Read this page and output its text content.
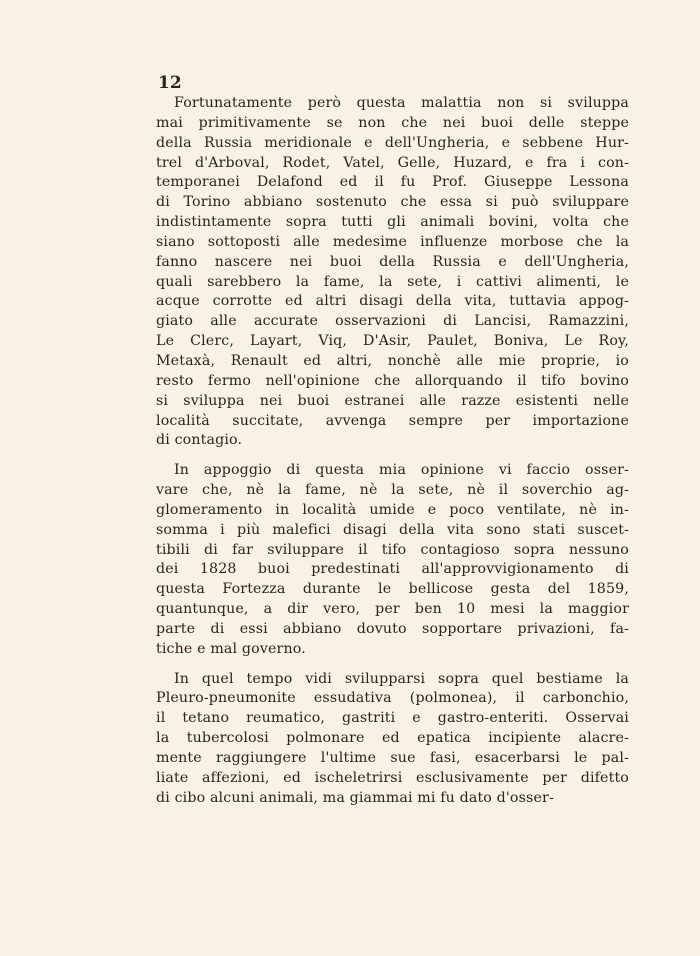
12

Fortunatamente però questa malattia non si sviluppa
mai primitivamente se non che nei buoi delle steppe
della Russia meridionale e dell'Ungheria, e sebbene Hur-
trel d'Arboval, Rodet, Vatel, Gelle, Huzard, e fra i con-
temporanei Delafond ed il fu Prof. Giuseppe Lessona
di Torino abbiano sostenuto che essa si può sviluppare
indistintamente sopra tutti gli animali bovini, volta che
siano sottoposti alle medesime influenze morbose che la
fanno nascere nei buoi della Russia e dell'Ungheria,
quali sarebbero la fame, la sete, i cattivi alimenti, le
acque corrotte ed altri disagi della vita, tuttavia appog-
giato alle accurate osservazioni di Lancisi, Ramazzini,
Le Clerc, Layart, Viq, D'Asir, Paulet, Boniva, Le Roy,
Metaxà, Renault ed altri, nonchè alle mie proprie, io
resto fermo nell'opinione che allorquando il tifo bovino
si sviluppa nei buoi estranei alle razze esistenti nelle
località succitate, avvenga sempre per importazione
di contagio.
In appoggio di questa mia opinione vi faccio osser-
vare che, nè la fame, nè la sete, nè il soverchio ag-
glomeramento in località umide e poco ventilate, nè in-
somma i più malefici disagi della vita sono stati suscet-
tibili di far sviluppare il tifo contagioso sopra nessuno
dei 1828 buoi predestinati all'approvvigionamento di
questa Fortezza durante le bellicose gesta del 1859,
quantunque, a dir vero, per ben 10 mesi la maggior
parte di essi abbiano dovuto sopportare privazioni, fa-
tiche e mal governo.
In quel tempo vidi svilupparsi sopra quel bestiame la
Pleuro-pneumonite essudativa (polmonea), il carbonchio,
il tetano reumatico, gastriti e gastro-enteriti. Osservai
la tubercolosi polmonare ed epatica incipiente alacre-
mente raggiungere l'ultime sue fasi, esacerbarsi le pal-
liate affezioni, ed ischeletrirsi esclusivamente per difetto
di cibo alcuni animali, ma giammai mi fu dato d'osser-
